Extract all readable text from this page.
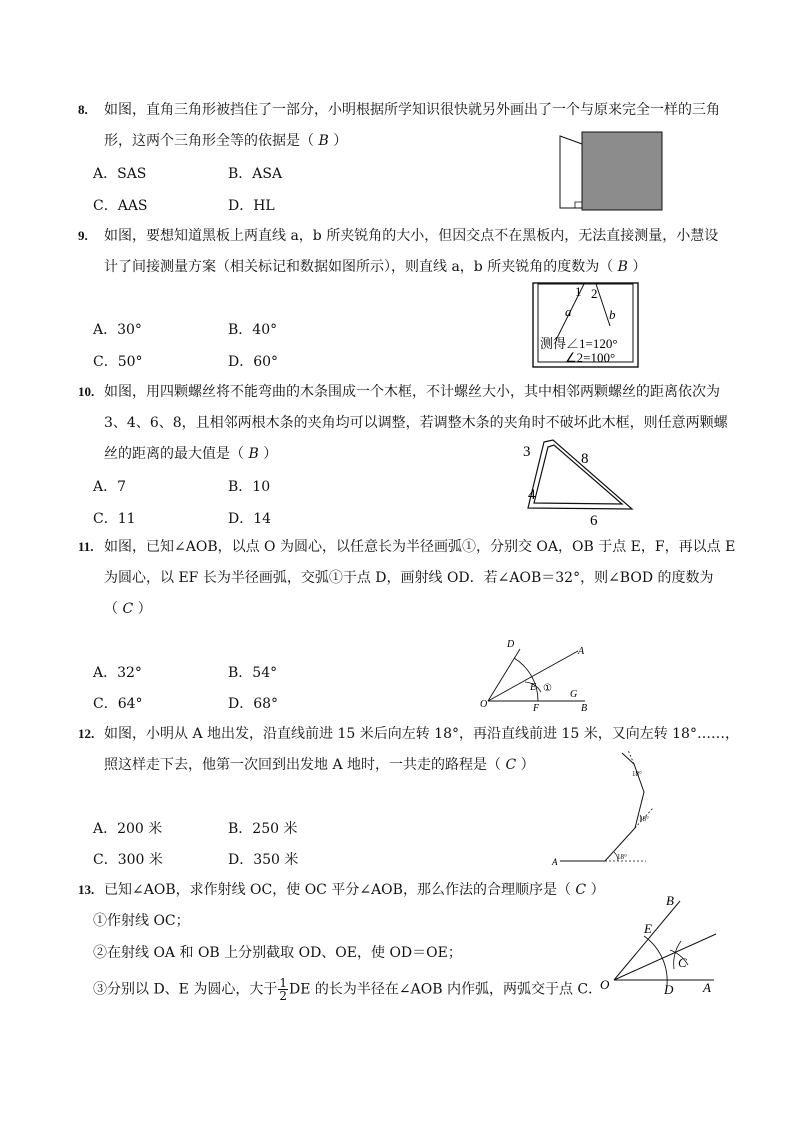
8. 如图，直角三角形被挡住了一部分，小明根据所学知识很快就另外画出了一个与原来完全一样的三角
形，这两个三角形全等的依据是（ B ）
A．SAS	B．ASA
C．AAS	D．HL
9. 如图，要想知道黑板上两直线 a，b 所夹锐角的大小，但因交点不在黑板内，无法直接测量，小慧设
计了间接测量方案（相关标记和数据如图所示），则直线 a，b 所夹锐角的度数为（ B ）
A．30°	B．40°
C．50°	D．60°
1 2
a	b
测得∠1=120°
∠2=100°
10. 如图，用四颗螺丝将不能弯曲的木条围成一个木框，不计螺丝大小，其中相邻两颗螺丝的距离依次为
3、4、6、8，且相邻两根木条的夹角均可以调整，若调整木条的夹角时不破坏此木框，则任意两颗螺
丝的距离的最大值是（ B ）
A．7	B．10
C．11	D．14
3	8
4
6
11. 如图，已知∠AOB，以点 O 为圆心，以任意长为半径画弧①，分别交 OA，OB 于点 E，F，再以点 E
为圆心，以 EF 长为半径画弧，交弧①于点 D，画射线 OD．若∠AOB＝32°，则∠BOD 的度数为
（ C ）
A．32°	B．54°
C．64°	D．68°
D
A
E ①
O	F
G
B
12. 如图，小明从 A 地出发，沿直线前进 15 米后向左转 18°，再沿直线前进 15 米，又向左转 18°……，
照这样走下去，他第一次回到出发地 A 地时，一共走的路程是（ C ）
A．200 米	B．250 米
C．300 米	D．350 米	18°
18°
18°
A
13. 已知∠AOB，求作射线 OC，使 OC 平分∠AOB，那么作法的合理顺序是（ C ）
①作射线 OC；
②在射线 OA 和 OB 上分别截取 OD、OE，使 OD＝OE；
③分别以 D、E 为圆心，大于 $\frac{1}{2}$ DE 的长为半径在∠AOB 内作弧，两弧交于点 C．
B
E
C
O	D A
